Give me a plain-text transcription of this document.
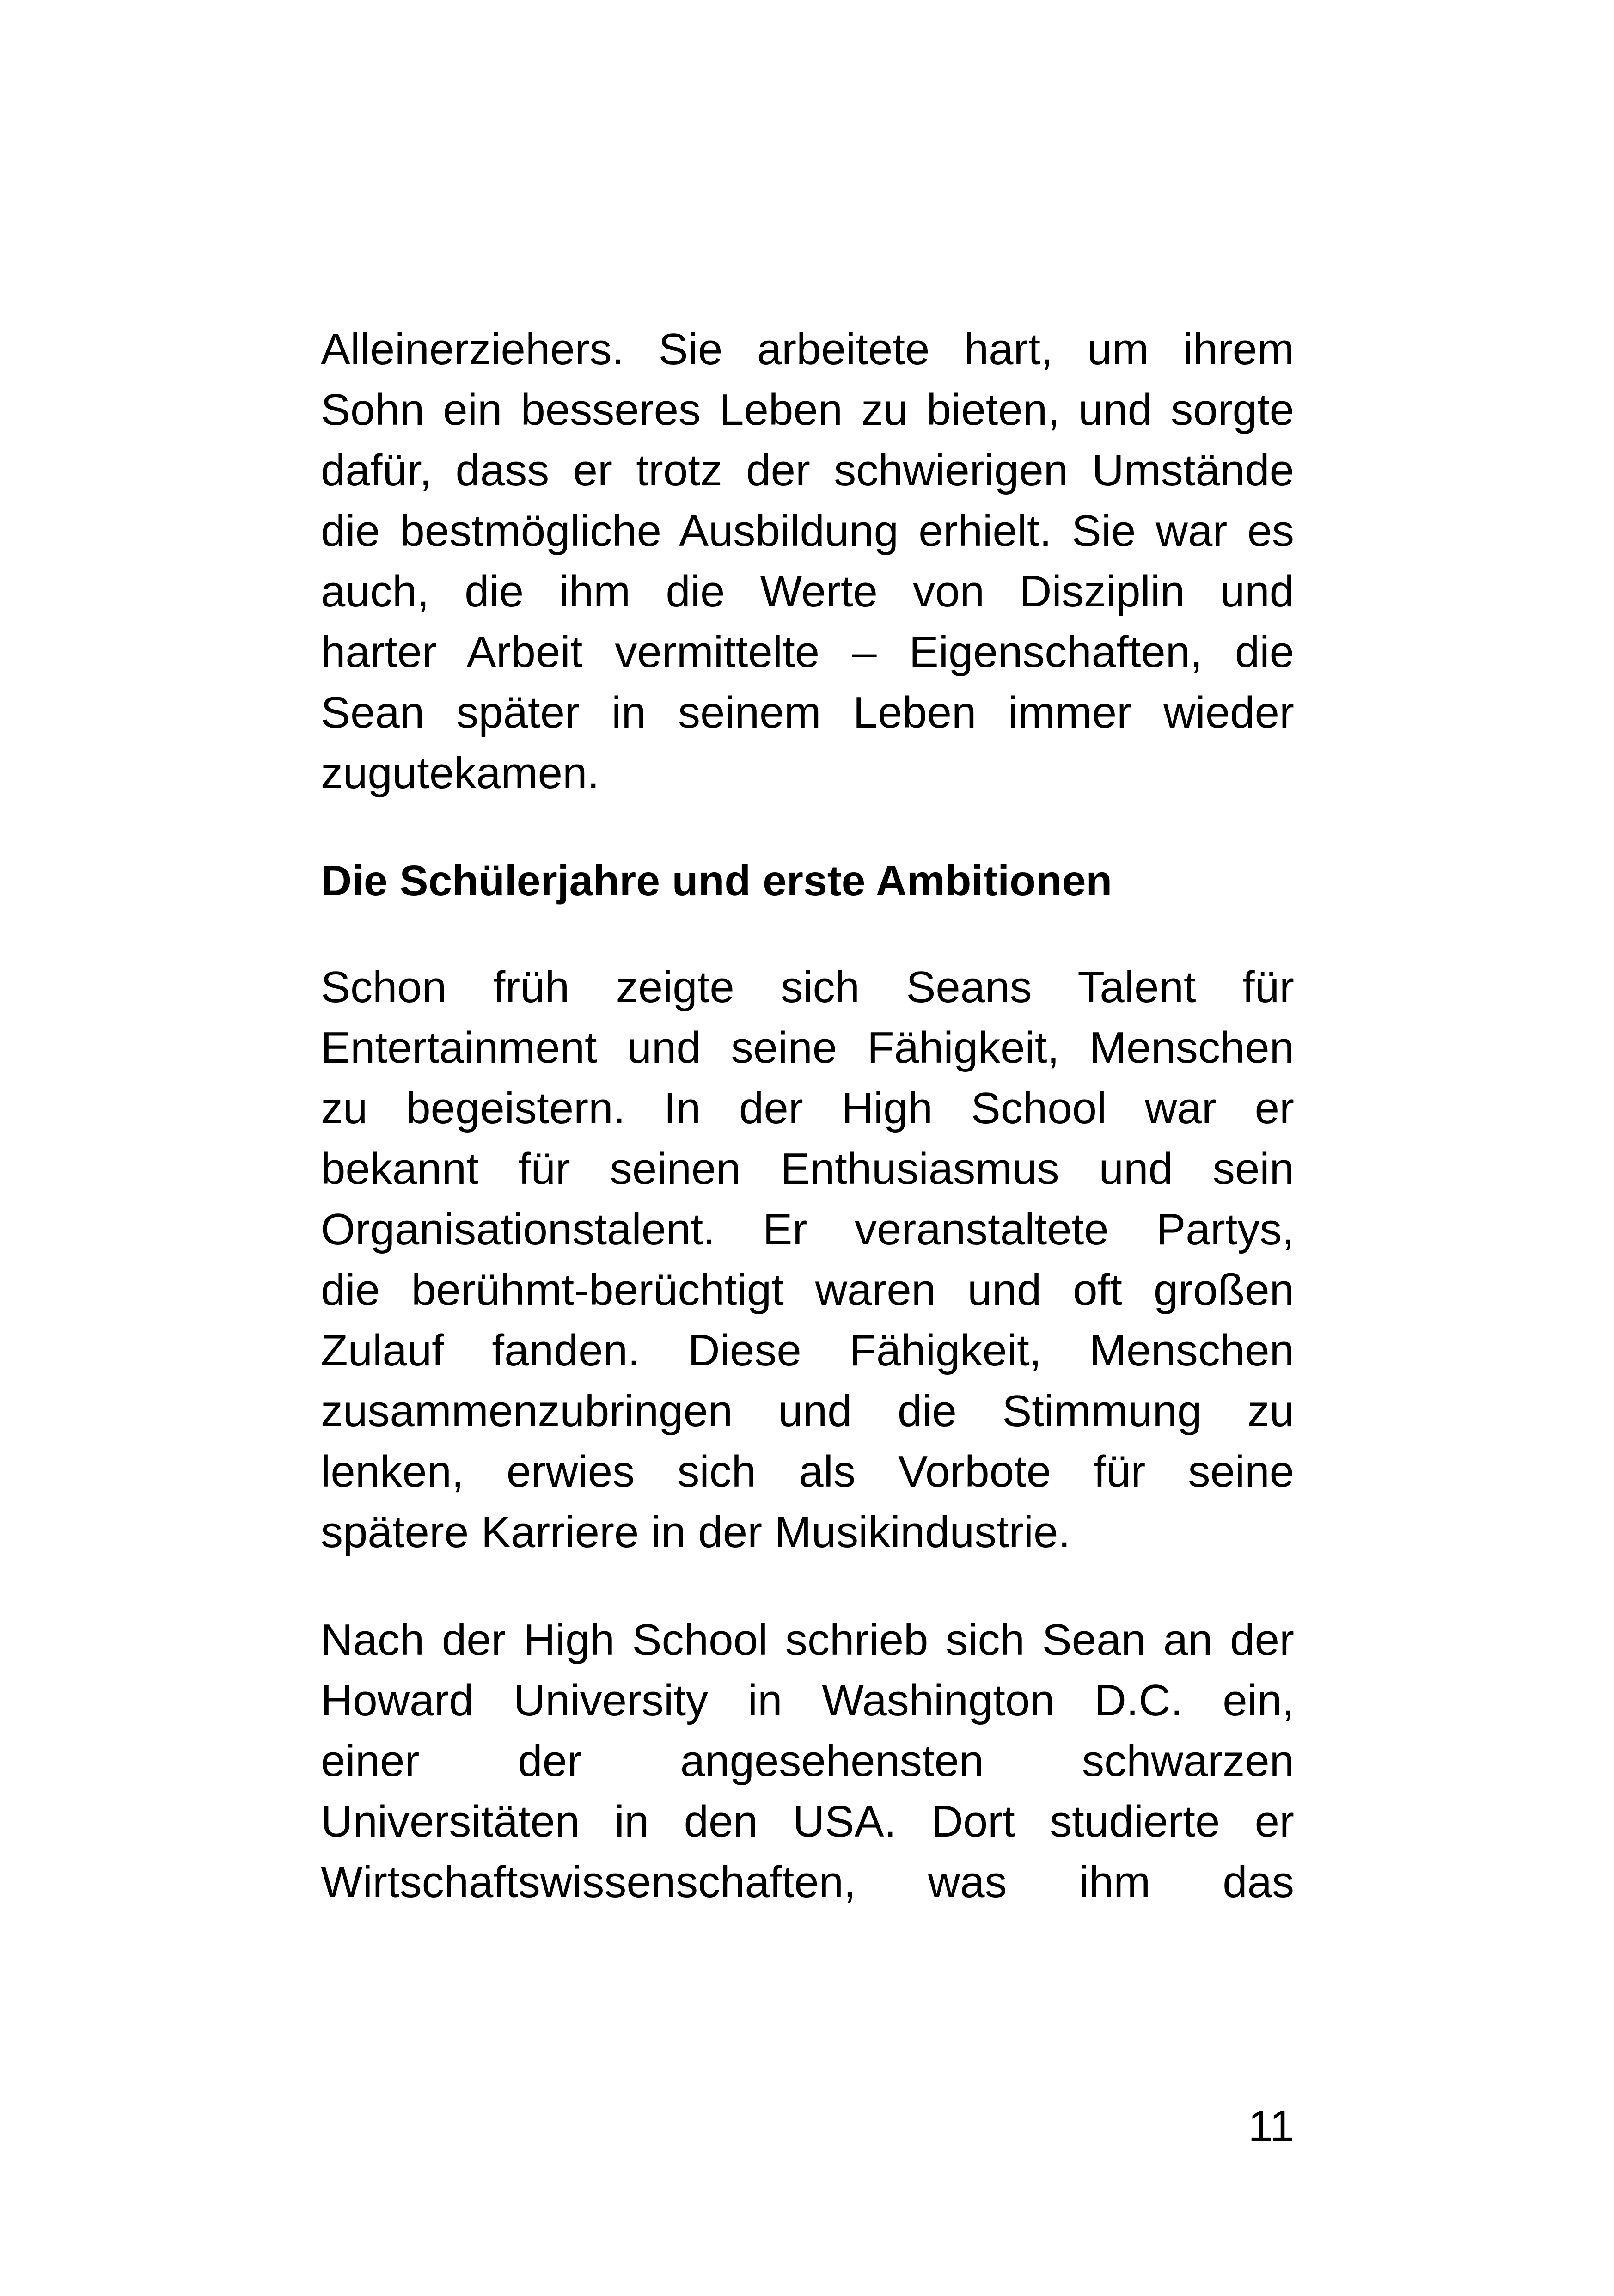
Alleinerziehers. Sie arbeitete hart, um ihrem
Sohn ein besseres Leben zu bieten, und sorgte
dafür, dass er trotz der schwierigen Umstände
die bestmögliche Ausbildung erhielt. Sie war es
auch, die ihm die Werte von Disziplin und
harter Arbeit vermittelte – Eigenschaften, die
Sean später in seinem Leben immer wieder
zugutekamen.

Die Schülerjahre und erste Ambitionen

Schon früh zeigte sich Seans Talent für
Entertainment und seine Fähigkeit, Menschen
zu begeistern. In der High School war er
bekannt für seinen Enthusiasmus und sein
Organisationstalent. Er veranstaltete Partys,
die berühmt-berüchtigt waren und oft großen
Zulauf fanden. Diese Fähigkeit, Menschen
zusammenzubringen und die Stimmung zu
lenken, erwies sich als Vorbote für seine
spätere Karriere in der Musikindustrie.

Nach der High School schrieb sich Sean an der
Howard University in Washington D.C. ein,
einer der angesehensten schwarzen
Universitäten in den USA. Dort studierte er
Wirtschaftswissenschaften, was ihm das

11
